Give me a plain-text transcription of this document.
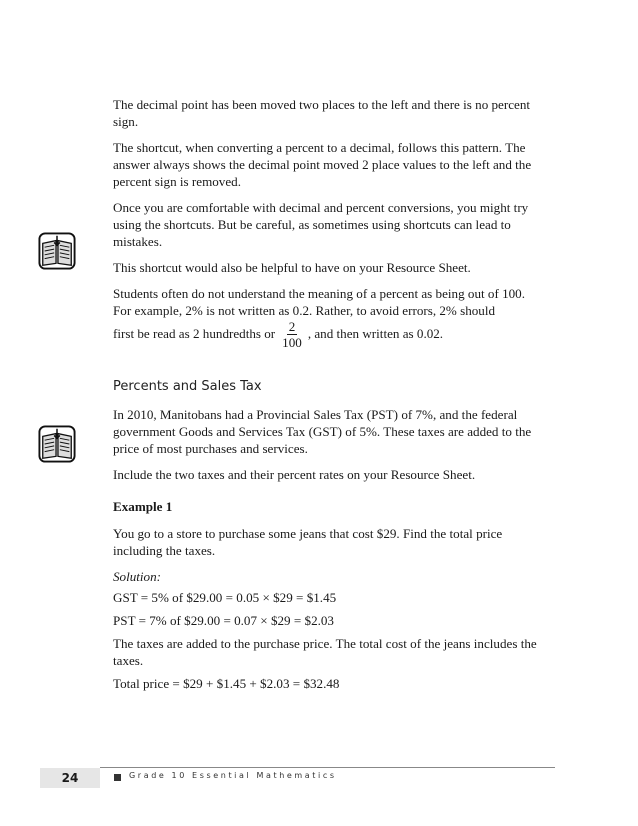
The decimal point has been moved two places to the left and there is no percent sign.

The shortcut, when converting a percent to a decimal, follows this pattern. The answer always shows the decimal point moved 2 place values to the left and the percent sign is removed.

Once you are comfortable with decimal and percent conversions, you might try using the shortcuts. But be careful, as sometimes using shortcuts can lead to mistakes.

This shortcut would also be helpful to have on your Resource Sheet.

Students often do not understand the meaning of a percent as being out of 100. For example, 2% is not written as 0.2. Rather, to avoid errors, 2% should

first be read as 2 hundredths or $\frac{2}{100}$ , and then written as 0.02.
Percents and Sales Tax

In 2010, Manitobans had a Provincial Sales Tax (PST) of 7%, and the federal government Goods and Services Tax (GST) of 5%. These taxes are added to the price of most purchases and services.

Include the two taxes and their percent rates on your Resource Sheet.

Example 1

You go to a store to purchase some jeans that cost $29. Find the total price including the taxes.

Solution:

GST = 5% of $29.00 = 0.05 × $29 = $1.45

PST = 7% of $29.00 = 0.07 × $29 = $2.03

The taxes are added to the purchase price. The total cost of the jeans includes the taxes.

Total price = $29 + $1.45 + $2.03 = $32.48

24	Grade 10 Essential Mathematics
